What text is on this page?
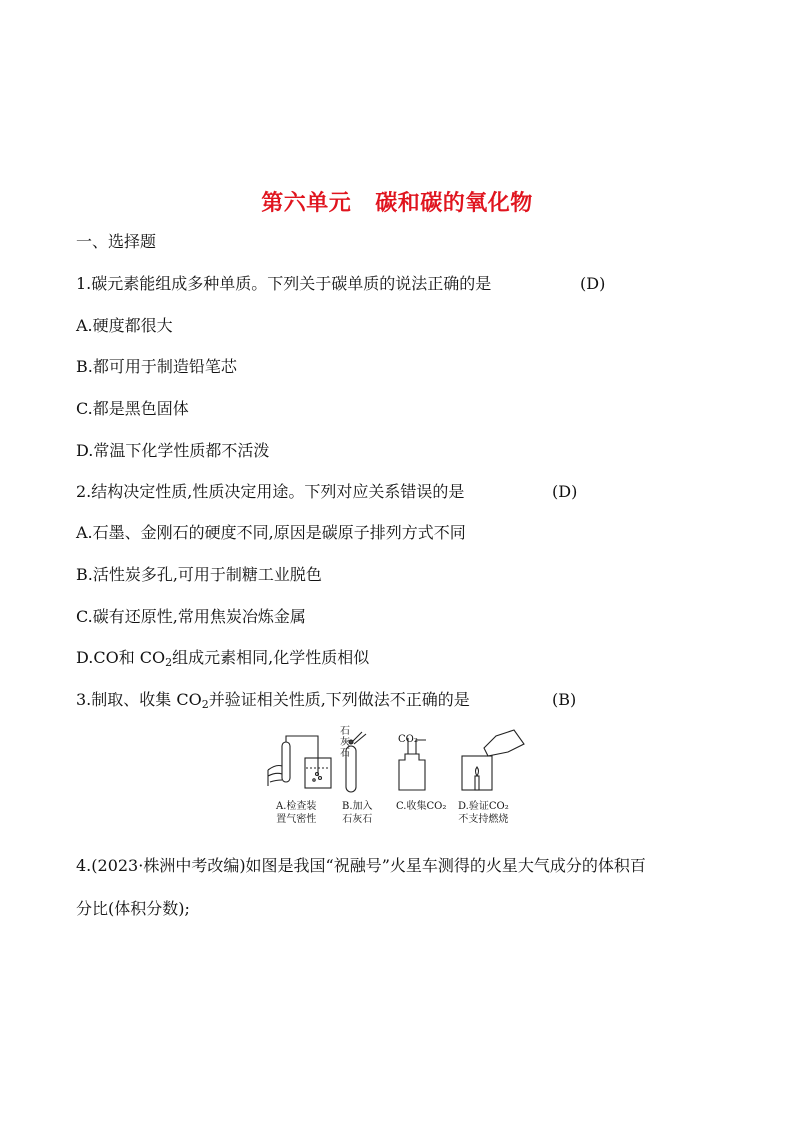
第六单元 碳和碳的氧化物
一、选择题
1.碳元素能组成多种单质。下列关于碳单质的说法正确的是	(D)
A.硬度都很大
B.都可用于制造铅笔芯
C.都是黑色固体
D.常温下化学性质都不活泼
2.结构决定性质,性质决定用途。下列对应关系错误的是	(D)
A.石墨、金刚石的硬度不同,原因是碳原子排列方式不同
B.活性炭多孔,可用于制糖工业脱色
C.碳有还原性,常用焦炭冶炼金属
D.CO和 $CO_2$组成元素相同,化学性质相似
3.制取、收集 $CO_2$并验证相关性质,下列做法不正确的是	(B)
石
灰
石
CO₂
A.检查装
置气密性
B.加入
石灰石
C.收集CO₂ D.验证CO₂
不支持燃烧
4.(2023·株洲中考改编)如图是我国“祝融号”火星车测得的火星大气成分的体积百
分比(体积分数);
